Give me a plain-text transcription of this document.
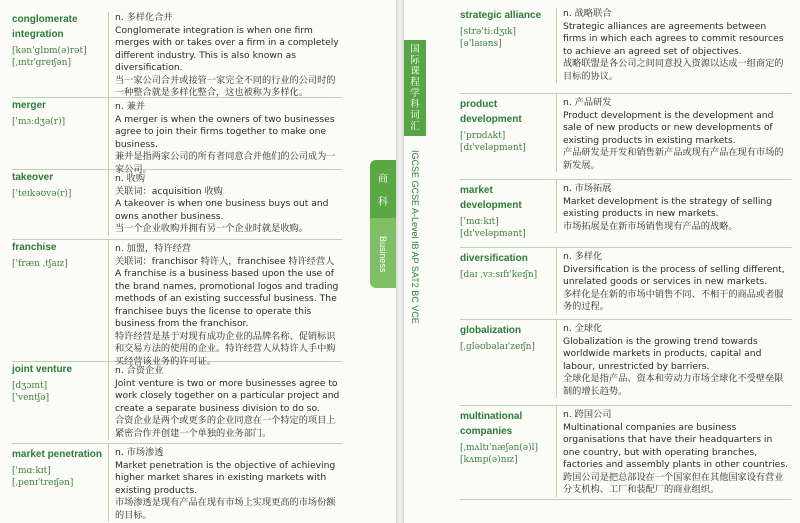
conglomerate integration
[kən'glɒm(ə)rət]
[ˌɪntɪ'greɪʃən]
n. 多样化合并
Conglomerate integration is when one firm merges with or takes over a firm in a completely different industry. This is also known as diversification.
当一家公司合并或接管一家完全不同的行业的公司时的一种整合就是多样化整合，这也被称为多样化。
merger
['mɜːdʒə(r)]
n. 兼并
A merger is when the owners of two businesses agree to join their firms together to make one business.
兼并是指两家公司的所有者同意合并他们的公司成为一家公司。
takeover
['teɪkəʊvə(r)]
n. 收购
关联词：acquisition 收购
A takeover is when one business buys out and owns another business.
当一个企业收购并拥有另一个企业时就是收购。
franchise
['fræn ˌtʃaɪz]
n. 加盟，特许经营
关联词：franchisor 特许人，franchisee 特许经营人
A franchise is a business based upon the use of the brand names, promotional logos and trading methods of an existing successful business. The franchisee buys the license to operate this business from the franchisor.
特许经营是基于对现有成功企业的品牌名称、促销标识和交易方法的使用的企业。特许经营人从特许人手中购买经营该业务的许可证。
joint venture
[dʒɔɪnt]
['ventʃə]
n. 合资企业
Joint venture is two or more businesses agree to work closely together on a particular project and create a separate business division to do so.
合资企业是两个或更多的企业同意在一个特定的项目上紧密合作并创建一个单独的业务部门。
market penetration
['mɑːkɪt]
[ˌpenɪ'treɪʃən]
n. 市场渗透
Market penetration is the objective of achieving higher market shares in existing markets with existing products.
市场渗透是现有产品在现有市场上实现更高的市场份额的目标。
商
科
Business
strategic alliance
[strə'tiːdʒɪk] [ə'laɪəns]
n. 战略联合
Strategic alliances are agreements between firms in which each agrees to commit resources to achieve an agreed set of objectives.
战略联盟是各公司之间同意投入资源以达成一组商定的目标的协议。
product development
['prɒdʌkt]
[dɪ'veləpmənt]
n. 产品研发
Product development is the development and sale of new products or new developments of existing products in existing markets.
产品研发是开发和销售新产品或现有产品在现有市场的新发展。
market development
['mɑːkɪt]
[dɪ'veləpmənt]
n. 市场拓展
Market development is the strategy of selling existing products in new markets.
市场拓展是在新市场销售现有产品的战略。
diversification
[daɪ ˌvɜːsɪfɪ'keɪʃn]
n. 多样化
Diversification is the process of selling different, unrelated goods or services in new markets.
多样化是在新的市场中销售不同、不相干的商品或者服务的过程。
globalization
[ˌgləʊbəlaɪ'zeɪʃn]
n. 全球化
Globalization is the growing trend towards worldwide markets in products, capital and labour, unrestricted by barriers.
全球化是指产品、资本和劳动力市场全球化不受壁垒限制的增长趋势。
multinational companies
[ˌmʌltɪ'næʃən(ə)l]
[kʌmp(ə)nɪz]
n. 跨国公司
Multinational companies are business organisations that have their headquarters in one country, but with operating branches, factories and assembly plants in other countries.
跨国公司是把总部设在一个国家但在其他国家设有营业分支机构、工厂和装配厂的商业组织。
国
际
课
程
学
科
词
汇
IGCSE GCSE A-Level IB AP SAT2 BC VCE
